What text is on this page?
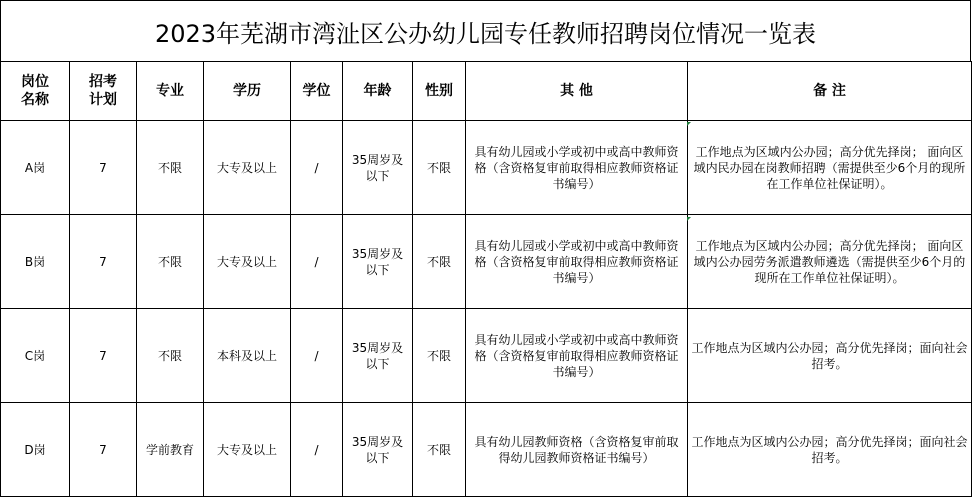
2023年芜湖市湾沚区公办幼儿园专任教师招聘岗位情况一览表
岗位名称	招考计划	专业	学历	学位	年龄	性别	其 他	备 注
A岗	7	不限	大专及以上	/	35周岁及以下	不限	具有幼儿园或小学或初中或高中教师资格（含资格复审前取得相应教师资格证书编号）	工作地点为区域内公办园；高分优先择岗； 面向区域内民办园在岗教师招聘（需提供至少6个月的现所在工作单位社保证明）。
B岗	7	不限	大专及以上	/	35周岁及以下	不限	具有幼儿园或小学或初中或高中教师资格（含资格复审前取得相应教师资格证书编号）	工作地点为区域内公办园；高分优先择岗； 面向区域内公办园劳务派遣教师遴选（需提供至少6个月的现所在工作单位社保证明）。
C岗	7	不限	本科及以上	/	35周岁及以下	不限	具有幼儿园或小学或初中或高中教师资格（含资格复审前取得相应教师资格证书编号）	工作地点为区域内公办园；高分优先择岗；面向社会招考。
D岗	7	学前教育	大专及以上	/	35周岁及以下	不限	具有幼儿园教师资格（含资格复审前取得幼儿园教师资格证书编号）	工作地点为区域内公办园；高分优先择岗；面向社会招考。
